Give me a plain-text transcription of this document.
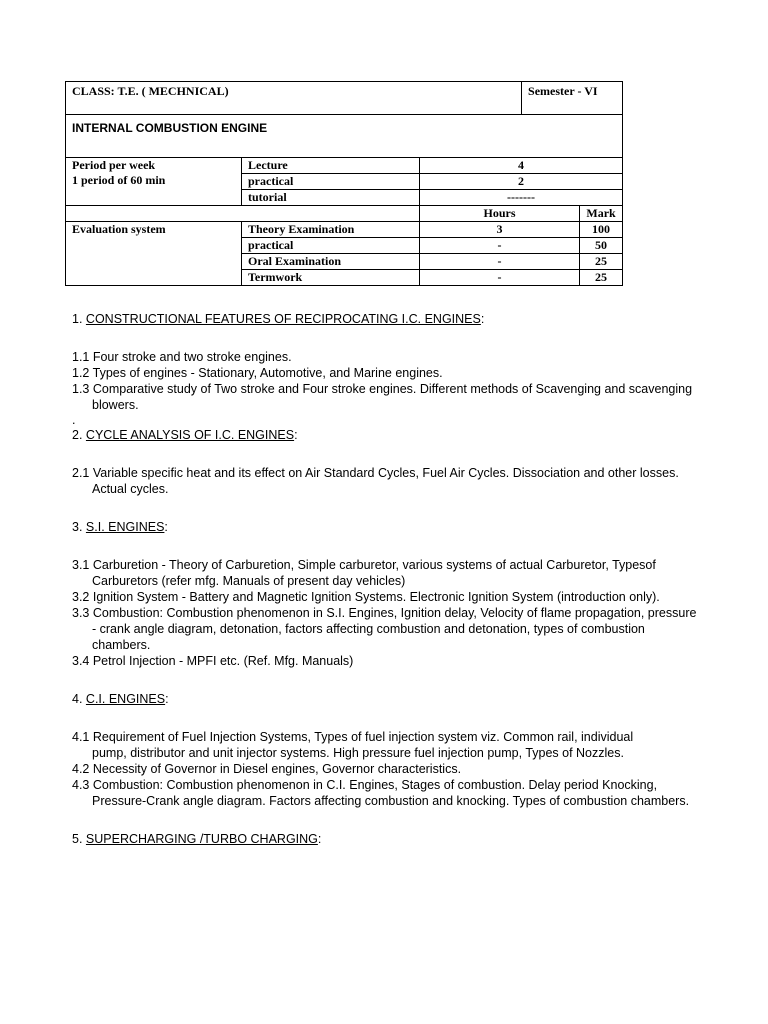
CLASS: T.E. ( MECHNICAL)			Semester - VI	
INTERNAL COMBUSTION ENGINE				

Period per week
1 period of 60 min	Lecture	4		
	practical	2		
	tutorial	-------		
		Hours		Mark
Evaluation system	Theory Examination	3		100
	practical	-		50
	Oral Examination	-		25
	Termwork	-		25

1. CONSTRUCTIONAL FEATURES OF RECIPROCATING I.C. ENGINES:

1.1 Four stroke and two stroke engines.

1.2 Types of engines - Stationary, Automotive, and Marine engines.

1.3 Comparative study of Two stroke and Four stroke engines. Different methods of Scavenging and scavenging blowers.

.

2. CYCLE ANALYSIS OF I.C. ENGINES:

2.1 Variable specific heat and its effect on Air Standard Cycles, Fuel Air Cycles. Dissociation and other losses. Actual cycles.

3. S.I. ENGINES:

3.1 Carburetion - Theory of Carburetion, Simple carburetor, various systems of actual Carburetor, Typesof Carburetors (refer mfg. Manuals of present day vehicles)

3.2 Ignition System - Battery and Magnetic Ignition Systems. Electronic Ignition System (introduction only).

3.3 Combustion: Combustion phenomenon in S.I. Engines, Ignition delay, Velocity of flame propagation, pressure - crank angle diagram, detonation, factors affecting combustion and detonation, types of combustion chambers.

3.4 Petrol Injection - MPFI etc. (Ref. Mfg. Manuals)

4. C.I. ENGINES:

4.1 Requirement of Fuel Injection Systems, Types of fuel injection system viz. Common rail, individual

pump, distributor and unit injector systems. High pressure fuel injection pump, Types of Nozzles.

4.2 Necessity of Governor in Diesel engines, Governor characteristics.

4.3 Combustion: Combustion phenomenon in C.I. Engines, Stages of combustion. Delay period Knocking, Pressure-Crank angle diagram. Factors affecting combustion and knocking. Types of combustion chambers.

5. SUPERCHARGING /TURBO CHARGING:
